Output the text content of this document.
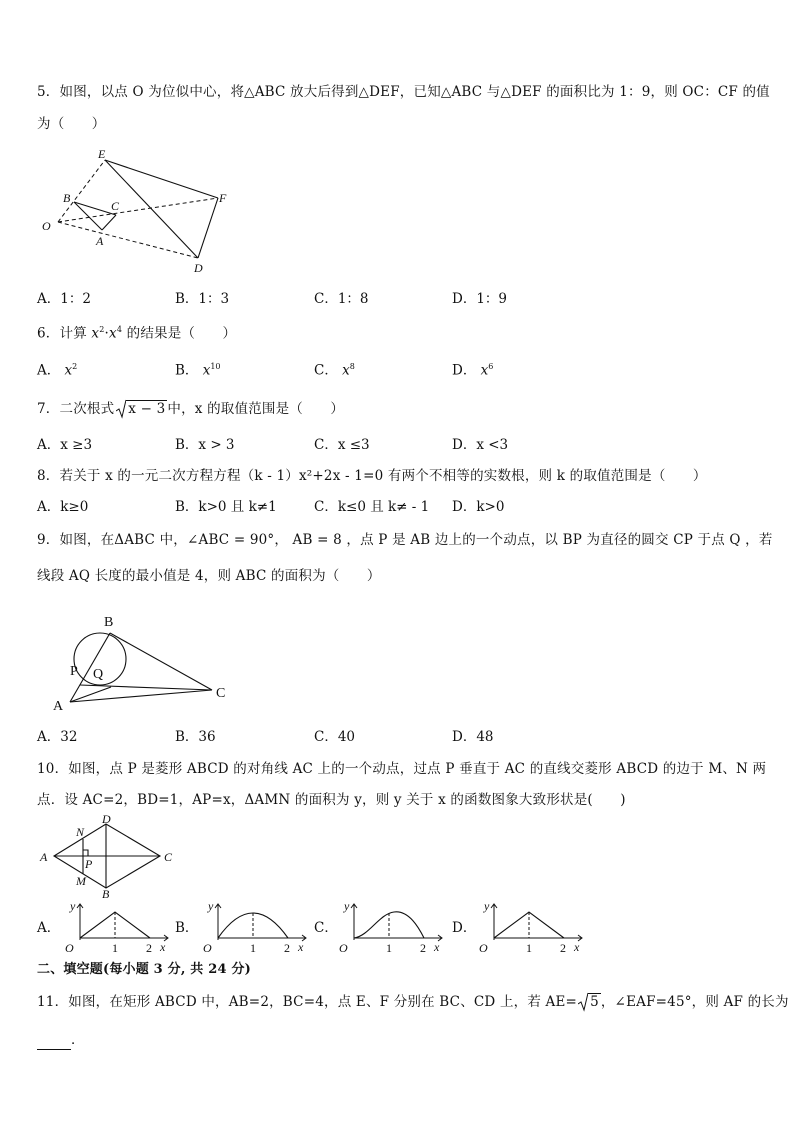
5．如图，以点 O 为位似中心，将△ABC 放大后得到△DEF，已知△ABC 与△DEF 的面积比为 1：9，则 OC：CF 的值
为（　　）
E
F
B
C
O
A
D
A．1：2	B．1：3	C．1：8	D．1：9
6．计算 $x^2\cdot x^4$ 的结果是（　　）
A． $x^2$	B． $x^{10}$	C． $x^8$	D． $x^6$
7．二次根式 x − 3 中，x 的取值范围是（　　）
A．x ≥3	B．x > 3	C．x ≤3	D．x <3
8．若关于 x 的一元二次方程方程（k - 1）x²+2x - 1=0 有两个不相等的实数根，则 k 的取值范围是（　　）
A．k≥0	B．k>0 且 k≠1	C．k≤0 且 k≠ - 1 D．k>0
9．如图，在ΔABC 中，∠ABC = 90°， AB = 8 ，点 P 是 AB 边上的一个动点，以 BP 为直径的圆交 CP 于点 Q ，若
线段 AQ 长度的最小值是 4，则 ABC 的面积为（　　）
B
P Q
A
C
A．32	B．36	C．40	D．48
10．如图，点 P 是菱形 ABCD 的对角线 AC 上的一个动点，过点 P 垂直于 AC 的直线交菱形 ABCD 的边于 M、N 两
点．设 AC=2，BD=1，AP=x，ΔAMN 的面积为 y，则 y 关于 x 的函数图象大致形状是(　　)
N
D
A	P	C
M
B
A．
y
x
O	1 2
B．
y
x
O	1 2
C．
y
x
O	1 2
D．
y
x
O	1 2
二、填空题(每小题 3 分, 共 24 分)
11．如图，在矩形 ABCD 中，AB=2，BC=4，点 E、F 分别在 BC、CD 上，若 AE= 5 ，∠EAF=45°，则 AF 的长为
．
